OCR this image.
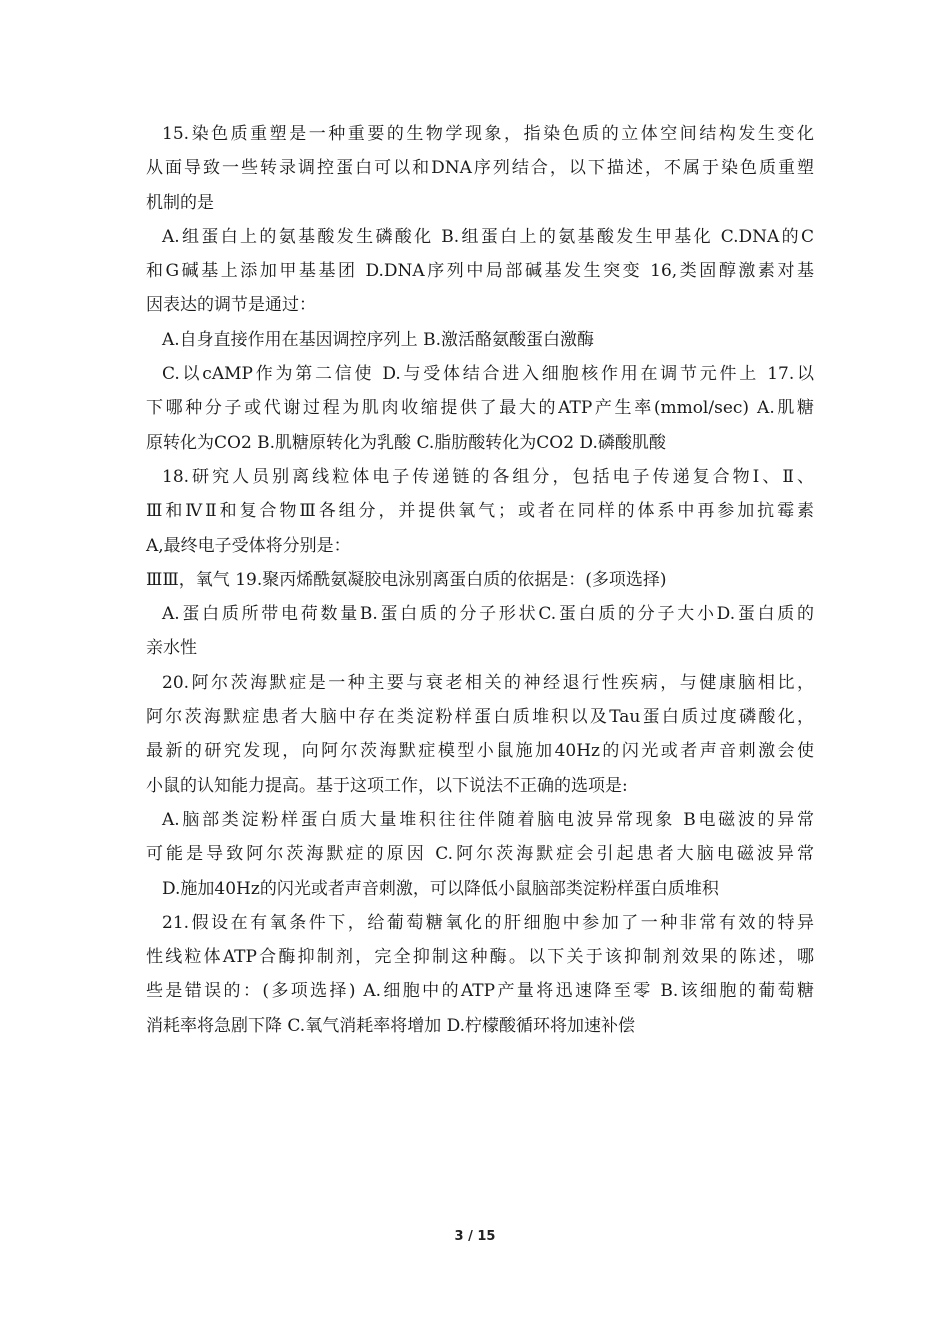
15.染色质重塑是一种重要的生物学现象，指染色质的立体空间结构发生变化
从面导致一些转录调控蛋白可以和DNA序列结合，以下描述，不属于染色质重塑
机制的是
A.组蛋白上的氨基酸发生磷酸化 B.组蛋白上的氨基酸发生甲基化 C.DNA的C
和G碱基上添加甲基基团 D.DNA序列中局部碱基发生突变 16,类固醇激素对基
因表达的调节是通过：
A.自身直接作用在基因调控序列上 B.激活酪氨酸蛋白激酶
C.以cAMP作为第二信使 D.与受体结合进入细胞核作用在调节元件上 17.以
下哪种分子或代谢过程为肌肉收缩提供了最大的ATP产生率(mmol/sec) A.肌糖
原转化为CO2 B.肌糖原转化为乳酸 C.脂肪酸转化为CO2 D.磷酸肌酸
18.研究人员别离线粒体电子传递链的各组分，包括电子传递复合物Ⅰ、Ⅱ、
Ⅲ和ⅣⅡ和复合物Ⅲ各组分，并提供氧气；或者在同样的体系中再参加抗霉素
A,最终电子受体将分别是：
ⅢⅢ，氧气 19.聚丙烯酰氨凝胶电泳别离蛋白质的依据是：(多项选择)
A.蛋白质所带电荷数量B.蛋白质的分子形状C.蛋白质的分子大小D.蛋白质的
亲水性
20.阿尔茨海默症是一种主要与衰老相关的神经退行性疾病，与健康脑相比，
阿尔茨海默症患者大脑中存在类淀粉样蛋白质堆积以及Tau蛋白质过度磷酸化，
最新的研究发现，向阿尔茨海默症模型小鼠施加40Hz的闪光或者声音刺激会使
小鼠的认知能力提高。基于这项工作，以下说法不正确的选项是:
A.脑部类淀粉样蛋白质大量堆积往往伴随着脑电波异常现象 B电磁波的异常
可能是导致阿尔茨海默症的原因 C.阿尔茨海默症会引起患者大脑电磁波异常
D.施加40Hz的闪光或者声音刺激，可以降低小鼠脑部类淀粉样蛋白质堆积
21.假设在有氧条件下，给葡萄糖氧化的肝细胞中参加了一种非常有效的特异
性线粒体ATP合酶抑制剂，完全抑制这种酶。以下关于该抑制剂效果的陈述，哪
些是错误的：(多项选择) A.细胞中的ATP产量将迅速降至零 B.该细胞的葡萄糖
消耗率将急剧下降 C.氧气消耗率将增加 D.柠檬酸循环将加速补偿
3 / 15
